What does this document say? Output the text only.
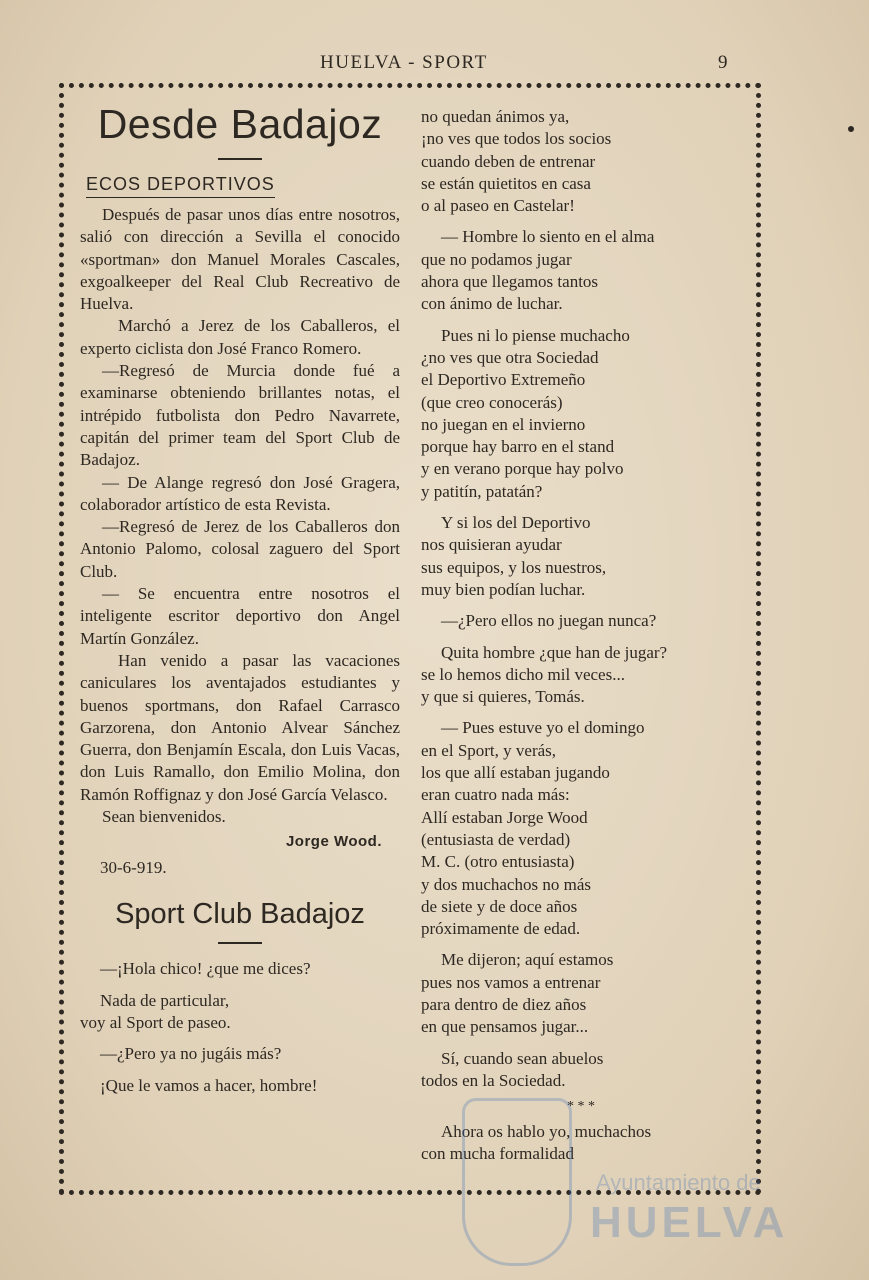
HUELVA - SPORT	9
Desde Badajoz
ECOS DEPORTIVOS

Después de pasar unos días entre nosotros, salió con dirección a Sevilla el conocido «sportman» don Manuel Morales Cascales, exgoalkeeper del Real Club Recreativo de Huelva.

Marchó a Jerez de los Caballeros, el experto ciclista don José Franco Romero.

—Regresó de Murcia donde fué a examinarse obteniendo brillantes notas, el intrépido futbolista don Pedro Navarrete, capitán del primer team del Sport Club de Badajoz.

— De Alange regresó don José Gragera, colaborador artístico de esta Revista.

—Regresó de Jerez de los Caballeros don Antonio Palomo, colosal zaguero del Sport Club.

— Se encuentra entre nosotros el inteligente escritor deportivo don Angel Martín González.

Han venido a pasar las vacaciones caniculares los aventajados estudiantes y buenos sportmans, don Rafael Carrasco Garzorena, don Antonio Alvear Sánchez Guerra, don Benjamín Escala, don Luis Vacas, don Luis Ramallo, don Emilio Molina, don Ramón Roffignaz y don José García Velasco.

Sean bienvenidos.

Jorge Wood.
30-6-919.
Sport Club Badajoz
—¡Hola chico! ¿que me dices?
Nada de particular,
voy al Sport de paseo.
—¿Pero ya no jugáis más?
¡Que le vamos a hacer, hombre!
no quedan ánimos ya,
¡no ves que todos los socios
cuando deben de entrenar
se están quietitos en casa
o al paseo en Castelar!
— Hombre lo siento en el alma
que no podamos jugar
ahora que llegamos tantos
con ánimo de luchar.
Pues ni lo piense muchacho
¿no ves que otra Sociedad
el Deportivo Extremeño
(que creo conocerás)
no juegan en el invierno
porque hay barro en el stand
y en verano porque hay polvo
y patitín, patatán?
Y si los del Deportivo
nos quisieran ayudar
sus equipos, y los nuestros,
muy bien podían luchar.
—¿Pero ellos no juegan nunca?
Quita hombre ¿que han de jugar?
se lo hemos dicho mil veces...
y que si quieres, Tomás.
— Pues estuve yo el domingo
en el Sport, y verás,
los que allí estaban jugando
eran cuatro nada más:
Allí estaban Jorge Wood
(entusiasta de verdad)
M. C. (otro entusiasta)
y dos muchachos no más
de siete y de doce años
próximamente de edad.
Me dijeron; aquí estamos
pues nos vamos a entrenar
para dentro de diez años
en que pensamos jugar...
Sí, cuando sean abuelos
todos en la Sociedad.
* * *
Ahora os hablo yo, muchachos
con mucha formalidad
Ayuntamiento de
HUELVA
